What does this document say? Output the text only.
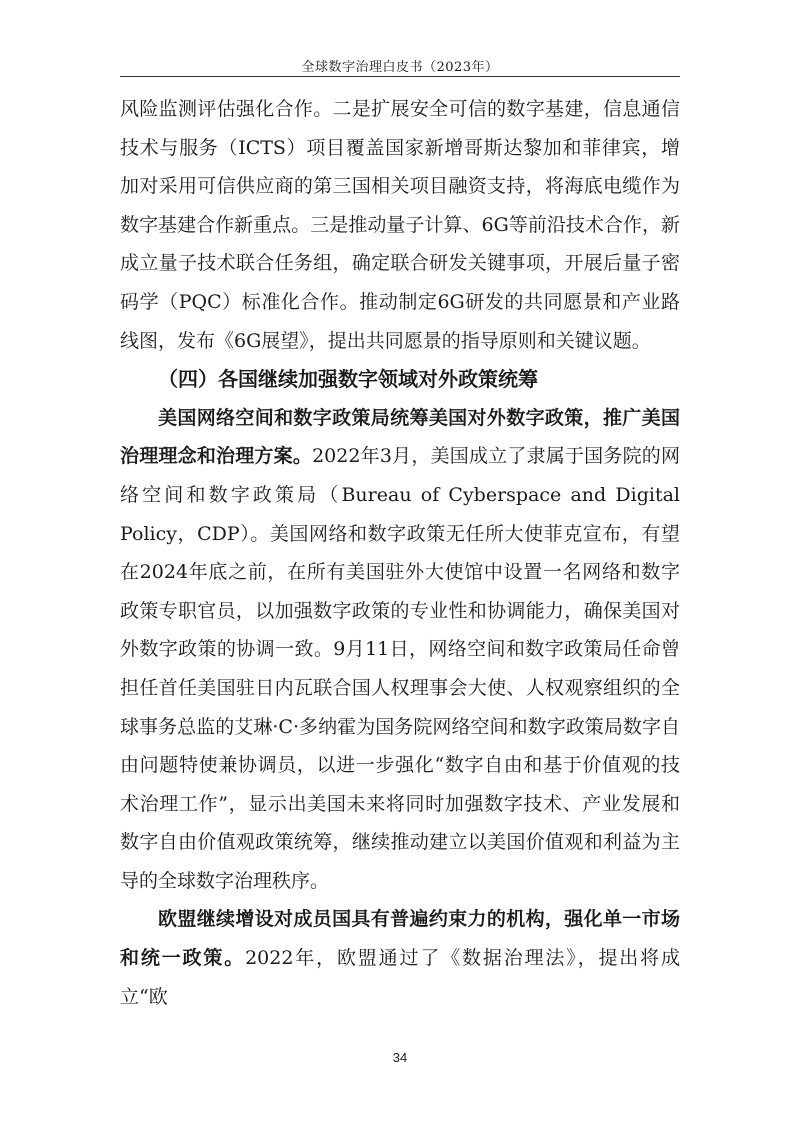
全球数字治理白皮书（2023年）

风险监测评估强化合作。二是扩展安全可信的数字基建，信息通信技术与服务（ICTS）项目覆盖国家新增哥斯达黎加和菲律宾，增加对采用可信供应商的第三国相关项目融资支持，将海底电缆作为数字基建合作新重点。三是推动量子计算、6G等前沿技术合作，新成立量子技术联合任务组，确定联合研发关键事项，开展后量子密码学（PQC）标准化合作。推动制定6G研发的共同愿景和产业路线图，发布《6G展望》，提出共同愿景的指导原则和关键议题。

（四）各国继续加强数字领域对外政策统筹

美国网络空间和数字政策局统筹美国对外数字政策，推广美国治理理念和治理方案。2022年3月，美国成立了隶属于国务院的网络空间和数字政策局（Bureau of Cyberspace and Digital Policy，CDP）。美国网络和数字政策无任所大使菲克宣布，有望在2024年底之前，在所有美国驻外大使馆中设置一名网络和数字政策专职官员，以加强数字政策的专业性和协调能力，确保美国对外数字政策的协调一致。9月11日，网络空间和数字政策局任命曾担任首任美国驻日内瓦联合国人权理事会大使、人权观察组织的全球事务总监的艾琳·C·多纳霍为国务院网络空间和数字政策局数字自由问题特使兼协调员，以进一步强化“数字自由和基于价值观的技术治理工作”，显示出美国未来将同时加强数字技术、产业发展和数字自由价值观政策统筹，继续推动建立以美国价值观和利益为主导的全球数字治理秩序。

欧盟继续增设对成员国具有普遍约束力的机构，强化单一市场和统一政策。2022年，欧盟通过了《数据治理法》，提出将成立“欧

34
